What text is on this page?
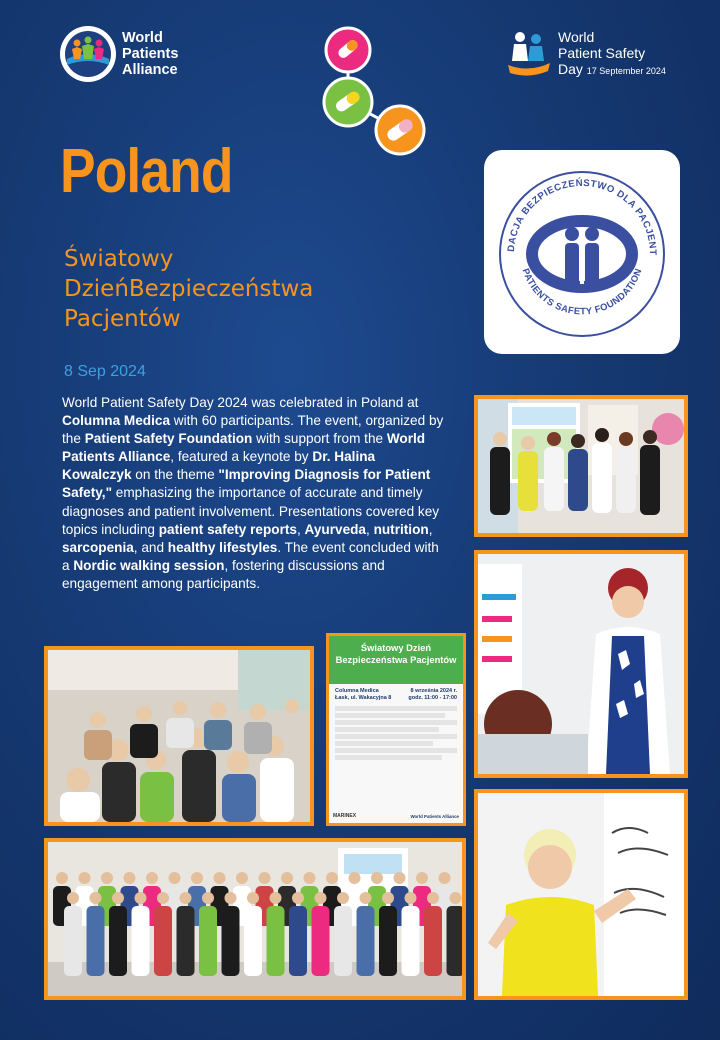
World
Patients
Alliance
World
Patient Safety
Day 17 September 2024
Poland
Światowy
DzieńBezpieczeństwa
Pacjentów
8 Sep 2024
World Patient Safety Day 2024 was celebrated in Poland at Columna Medica with 60 participants. The event, organized by the Patient Safety Foundation with support from the World Patients Alliance, featured a keynote by Dr. Halina Kowalczyk on the theme "Improving Diagnosis for Patient Safety," emphasizing the importance of accurate and timely diagnoses and patient involvement. Presentations covered key topics including patient safety reports, Ayurveda, nutrition, sarcopenia, and healthy lifestyles. The event concluded with a Nordic walking session, fostering discussions and engagement among participants.
DACJA BEZPIECZEŃSTWO DLA PACJENT
PATIENTS SAFETY FOUNDATION
Światowy Dzień
Bezpieczeństwa Pacjentów
Columna Medica
Łask, ul. Wakacyjna 8
8 września 2024 r.
godz. 11:00 - 17:00
MARINEX	World Patients Alliance
